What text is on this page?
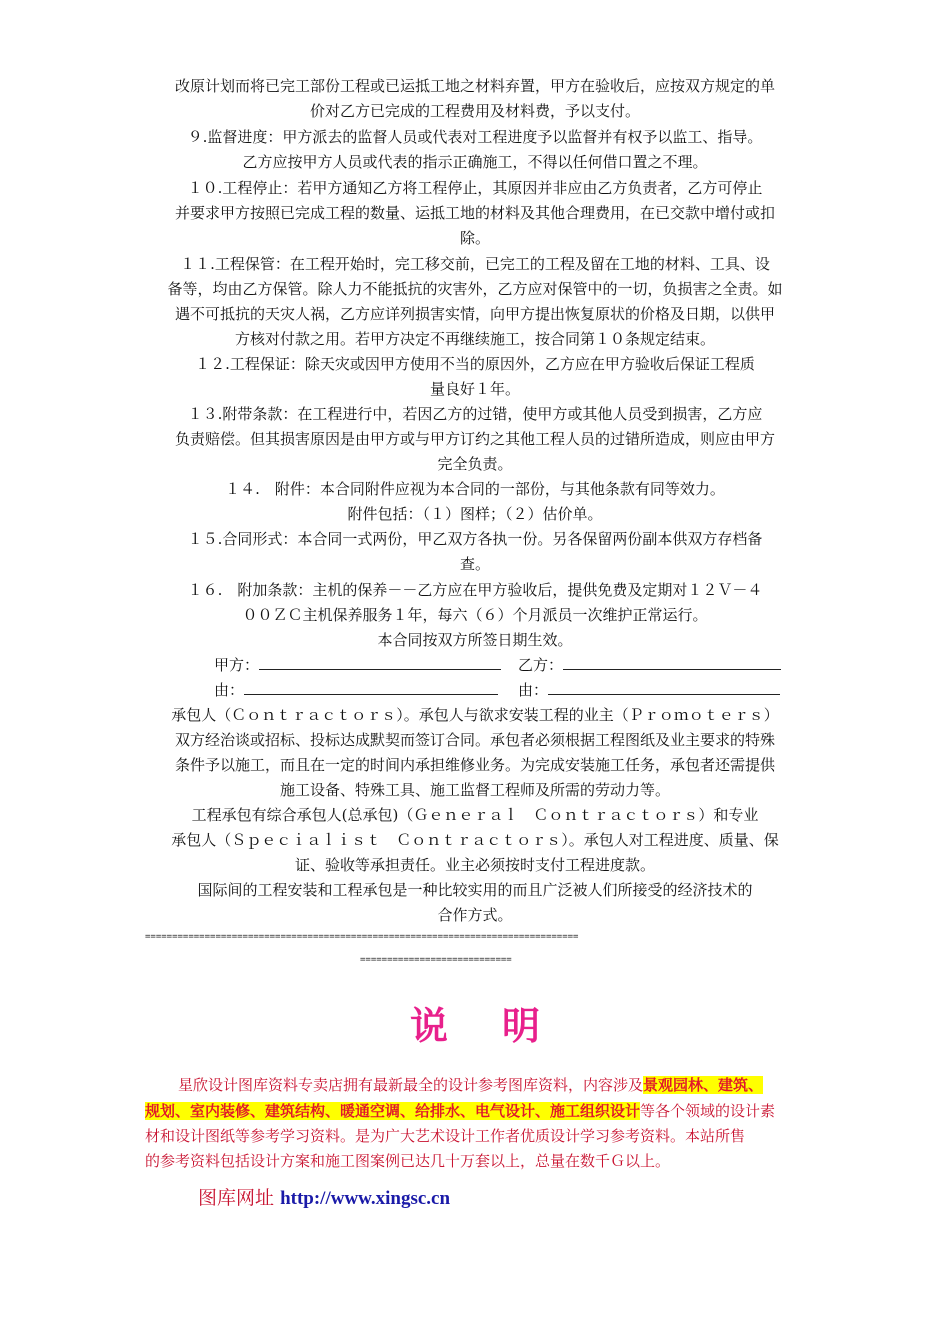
改原计划而将已完工部份工程或已运抵工地之材料弃置，甲方在验收后，应按双方规定的单
价对乙方已完成的工程费用及材料费，予以支付。
９.监督进度：甲方派去的监督人员或代表对工程进度予以监督并有权予以监工、指导。
乙方应按甲方人员或代表的指示正确施工，不得以任何借口置之不理。
１０.工程停止：若甲方通知乙方将工程停止，其原因并非应由乙方负责者，乙方可停止
并要求甲方按照已完成工程的数量、运抵工地的材料及其他合理费用，在已交款中增付或扣
除。
１１.工程保管：在工程开始时，完工移交前，已完工的工程及留在工地的材料、工具、设
备等，均由乙方保管。除人力不能抵抗的灾害外，乙方应对保管中的一切，负损害之全责。如
遇不可抵抗的天灾人祸，乙方应详列损害实情，向甲方提出恢复原状的价格及日期，以供甲
方核对付款之用。若甲方决定不再继续施工，按合同第１０条规定结束。
１２.工程保证：除天灾或因甲方使用不当的原因外，乙方应在甲方验收后保证工程质
量良好１年。
１３.附带条款：在工程进行中，若因乙方的过错，使甲方或其他人员受到损害，乙方应
负责赔偿。但其损害原因是由甲方或与甲方订约之其他工程人员的过错所造成，则应由甲方
完全负责。
１４.　附件：本合同附件应视为本合同的一部份，与其他条款有同等效力。
附件包括：（１）图样；（２）估价单。
１５.合同形式：本合同一式两份，甲乙双方各执一份。另各保留两份副本供双方存档备
查。
１６.　附加条款：主机的保养－－乙方应在甲方验收后，提供免费及定期对１２Ｖ－４
００ＺＣ主机保养服务１年，每六（６）个月派员一次维护正常运行。
本合同按双方所签日期生效。
甲方：	乙方：
由：	由：
承包人（Ｃｏｎｔｒａｃｔｏｒｓ）。承包人与欲求安装工程的业主（Ｐｒｏｍｏｔｅｒｓ）
双方经治谈或招标、投标达成默契而签订合同。承包者必须根据工程图纸及业主要求的特殊
条件予以施工，而且在一定的时间内承担维修业务。为完成安装施工任务，承包者还需提供
施工设备、特殊工具、施工监督工程师及所需的劳动力等。
工程承包有综合承包人(总承包)（Ｇｅｎｅｒａｌ　Ｃｏｎｔｒａｃｔｏｒｓ）和专业
承包人（Ｓｐｅｃｉａｌｉｓｔ　Ｃｏｎｔｒａｃｔｏｒｓ）。承包人对工程进度、质量、保
证、验收等承担责任。业主必须按时支付工程进度款。
国际间的工程安装和工程承包是一种比较实用的而且广泛被人们所接受的经济技术的
合作方式。
================================================================================
============================
说明
星欣设计图库资料专卖店拥有最新最全的设计参考图库资料，内容涉及景观园林、建筑、
规划、室内装修、建筑结构、暖通空调、给排水、电气设计、施工组织设计等各个领域的设计素
材和设计图纸等参考学习资料。是为广大艺术设计工作者优质设计学习参考资料。本站所售
的参考资料包括设计方案和施工图案例已达几十万套以上，总量在数千Ｇ以上。
图库网址 http://www.xingsc.cn
